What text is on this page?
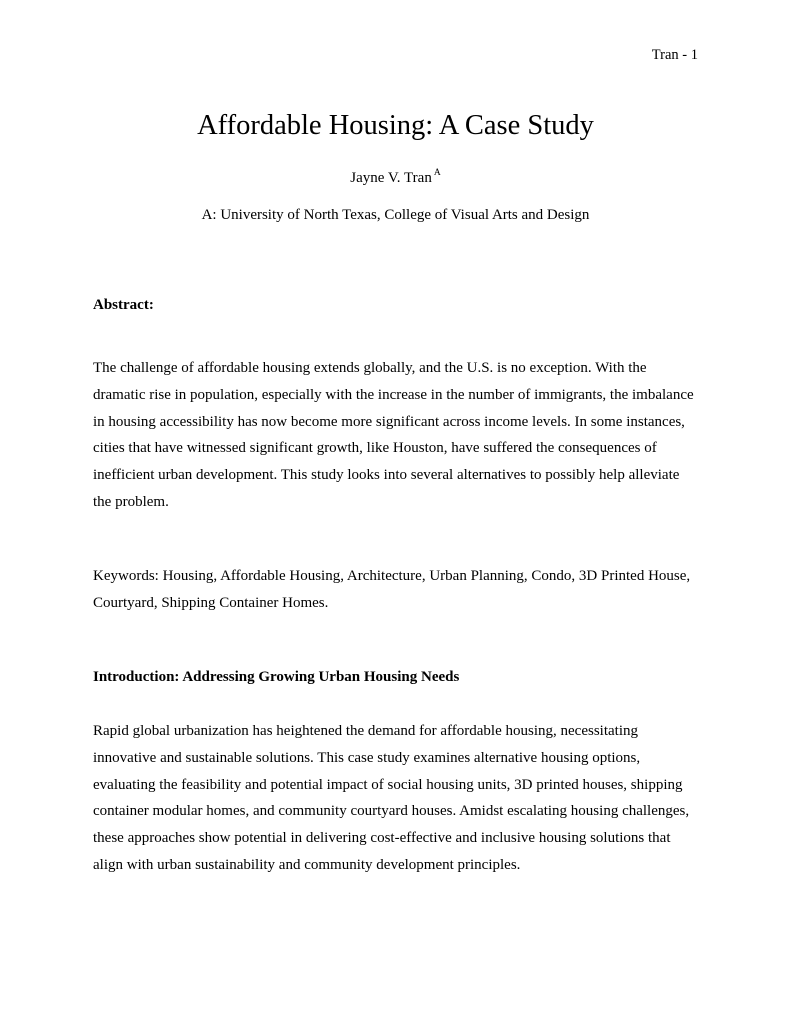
Tran - 1
Affordable Housing: A Case Study
Jayne V. Tran $^A$
A: University of North Texas, College of Visual Arts and Design

Abstract:

The challenge of affordable housing extends globally, and the U.S. is no exception. With the dramatic rise in population, especially with the increase in the number of immigrants, the imbalance in housing accessibility has now become more significant across income levels. In some instances, cities that have witnessed significant growth, like Houston, have suffered the consequences of inefficient urban development. This study looks into several alternatives to possibly help alleviate the problem.

Keywords: Housing, Affordable Housing, Architecture, Urban Planning, Condo, 3D Printed House, Courtyard, Shipping Container Homes.

Introduction: Addressing Growing Urban Housing Needs

Rapid global urbanization has heightened the demand for affordable housing, necessitating innovative and sustainable solutions. This case study examines alternative housing options, evaluating the feasibility and potential impact of social housing units, 3D printed houses, shipping container modular homes, and community courtyard houses. Amidst escalating housing challenges, these approaches show potential in delivering cost-effective and inclusive housing solutions that align with urban sustainability and community development principles.
